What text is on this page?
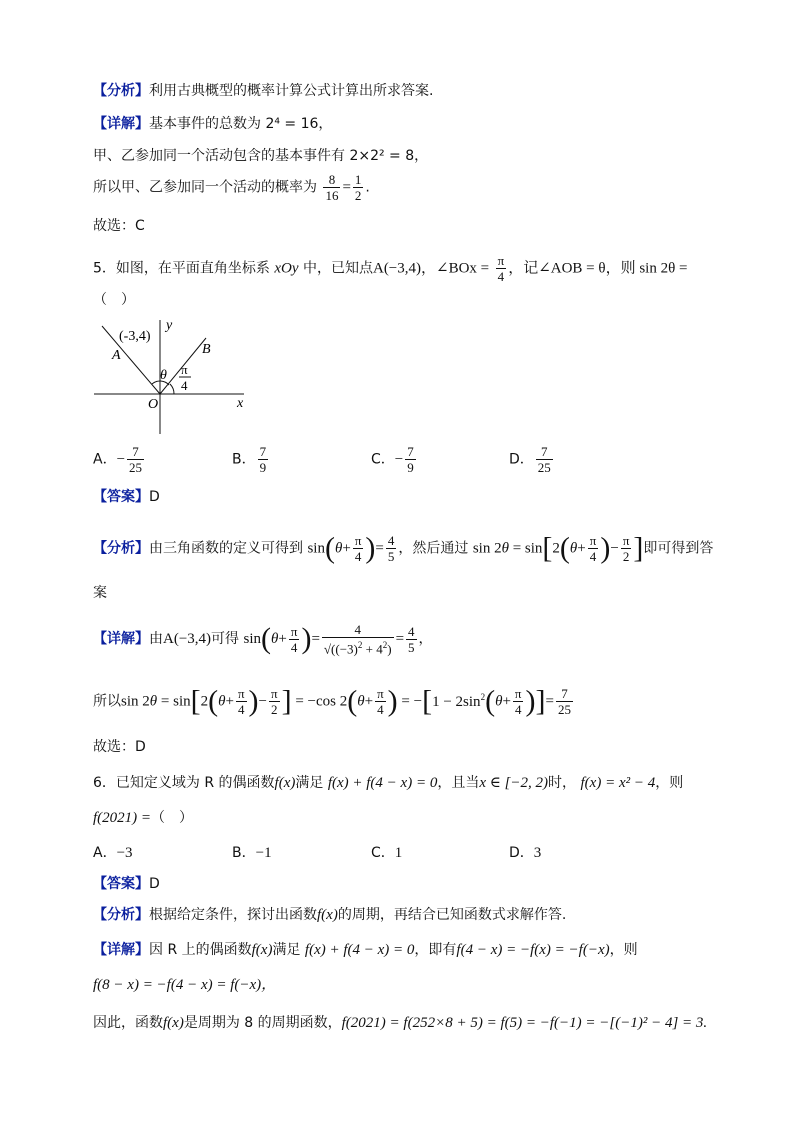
【分析】利用古典概型的概率计算公式计算出所求答案.
【详解】基本事件的总数为 2⁴ = 16，
甲、乙参加同一个活动包含的基本事件有 2×2² = 8，
所以甲、乙参加同一个活动的概率为 $\frac{8}{16} = \frac{1}{2}$ .
故选：C
5．如图，在平面直角坐标系 xOy 中，已知点A(−3,4)，∠BOx = $\frac{\pi}{4}$ ，记∠AOB = θ，则 sin 2θ =
（　）
(-3,4)
A	B
O	x
y
θ π
4
A．− $\frac{7}{25}$	B． $\frac{7}{9}$	C．− $\frac{7}{9}$	D． $\frac{7}{25}$
【答案】D
【分析】由三角函数的定义可得到 $\sin(\theta+ \frac{\pi}{4}$ )= $\frac{4}{5}$ ，然后通过 $\sin 2\theta = \sin[2(\theta+ \frac{\pi}{4}$ )− $\frac{\pi}{2}$ ]即可得到答
案
【详解】由A(−3,4)可得 $\sin(\theta+ \frac{\pi}{4}$ )= $\frac{4}{√((-3)^2 + 4^2)} = \frac{4}{5}$ ，
所以$\sin 2\theta = \sin[2(\theta+ \frac{\pi}{4}$ )− $\frac{\pi}{2}$ ] = −cos $2(\theta+ \frac{\pi}{4}$ ) = $-[1 - 2\sin^2(\theta+ \frac{\pi}{4}$ )]= $\frac{7}{25}$
故选：D
6．已知定义域为 R 的偶函数f(x)满足 f(x) + f(4 − x) = 0，且当x ∈ [−2, 2)时， f(x) = x² − 4，则
f(2021) =（　）
A．−3	B．−1	C．1	D．3
【答案】D
【分析】根据给定条件，探讨出函数f(x)的周期，再结合已知函数式求解作答.
【详解】因 R 上的偶函数f(x)满足 f(x) + f(4 − x) = 0，即有f(4 − x) = −f(x) = −f(−x)，则
f(8 − x) = −f(4 − x) = f(−x)，
因此，函数f(x)是周期为 8 的周期函数，f(2021) = f(252×8 + 5) = f(5) = −f(−1) = −[(−1)² − 4] = 3.
